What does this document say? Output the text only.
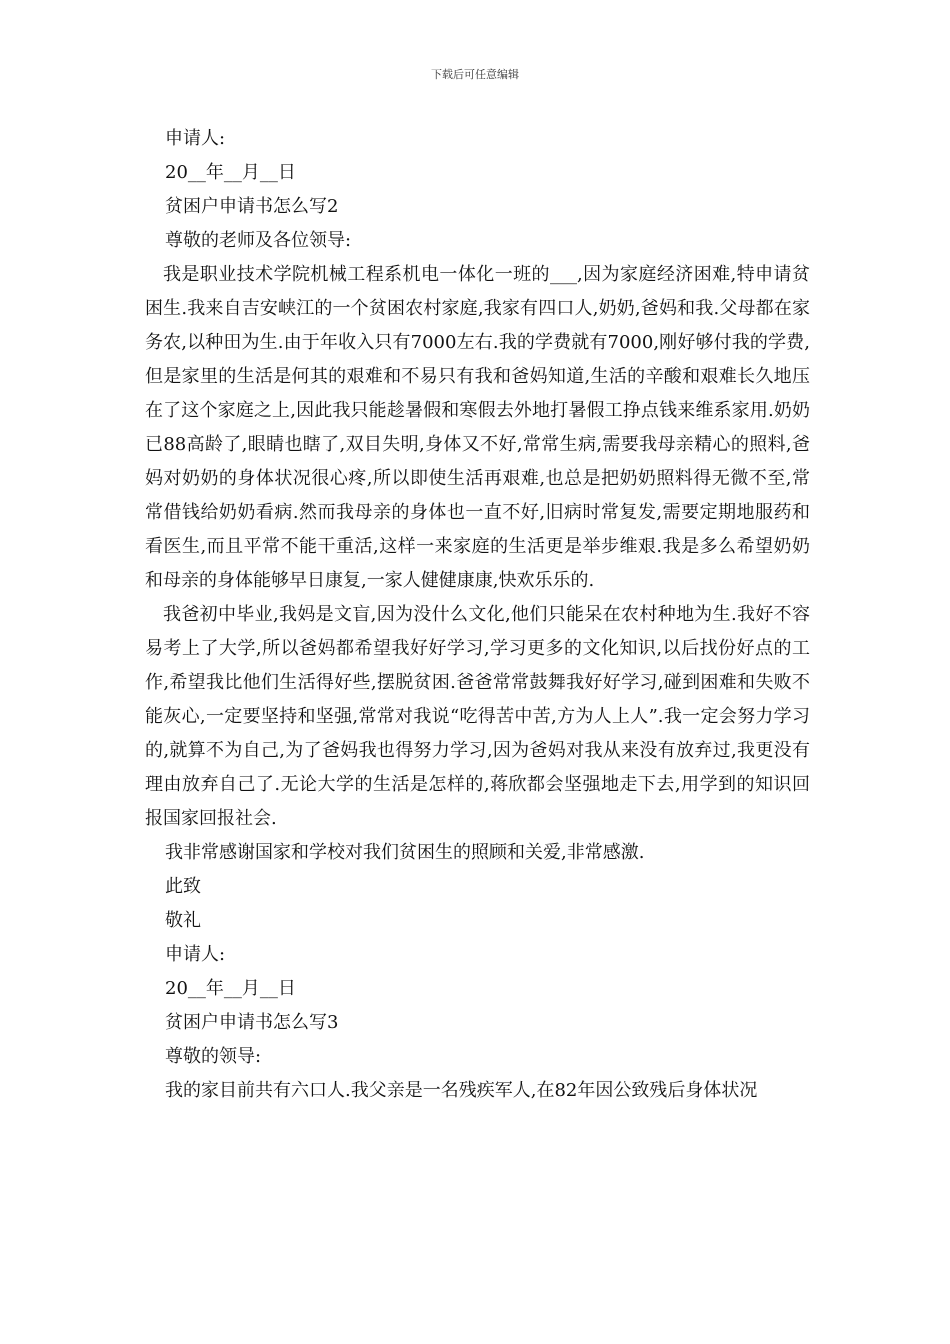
下载后可任意编辑

申请人:

20__年__月__日

贫困户申请书怎么写2

尊敬的老师及各位领导:

我是职业技术学院机械工程系机电一体化一班的___,因为家庭经济困难,特申请贫困生.我来自吉安峡江的一个贫困农村家庭,我家有四口人,奶奶,爸妈和我.父母都在家务农,以种田为生.由于年收入只有7000左右.我的学费就有7000,刚好够付我的学费,但是家里的生活是何其的艰难和不易只有我和爸妈知道,生活的辛酸和艰难长久地压在了这个家庭之上,因此我只能趁暑假和寒假去外地打暑假工挣点钱来维系家用.奶奶已88高龄了,眼睛也瞎了,双目失明,身体又不好,常常生病,需要我母亲精心的照料,爸妈对奶奶的身体状况很心疼,所以即使生活再艰难,也总是把奶奶照料得无微不至,常常借钱给奶奶看病.然而我母亲的身体也一直不好,旧病时常复发,需要定期地服药和看医生,而且平常不能干重活,这样一来家庭的生活更是举步维艰.我是多么希望奶奶和母亲的身体能够早日康复,一家人健健康康,快欢乐乐的.

我爸初中毕业,我妈是文盲,因为没什么文化,他们只能呆在农村种地为生.我好不容易考上了大学,所以爸妈都希望我好好学习,学习更多的文化知识,以后找份好点的工作,希望我比他们生活得好些,摆脱贫困.爸爸常常鼓舞我好好学习,碰到困难和失败不能灰心,一定要坚持和坚强,常常对我说“吃得苦中苦,方为人上人”.我一定会努力学习的,就算不为自己,为了爸妈我也得努力学习,因为爸妈对我从来没有放弃过,我更没有理由放弃自己了.无论大学的生活是怎样的,蒋欣都会坚强地走下去,用学到的知识回报国家回报社会.

我非常感谢国家和学校对我们贫困生的照顾和关爱,非常感激.

此致

敬礼

申请人:

20__年__月__日

贫困户申请书怎么写3

尊敬的领导:

我的家目前共有六口人.我父亲是一名残疾军人,在82年因公致残后身体状况
